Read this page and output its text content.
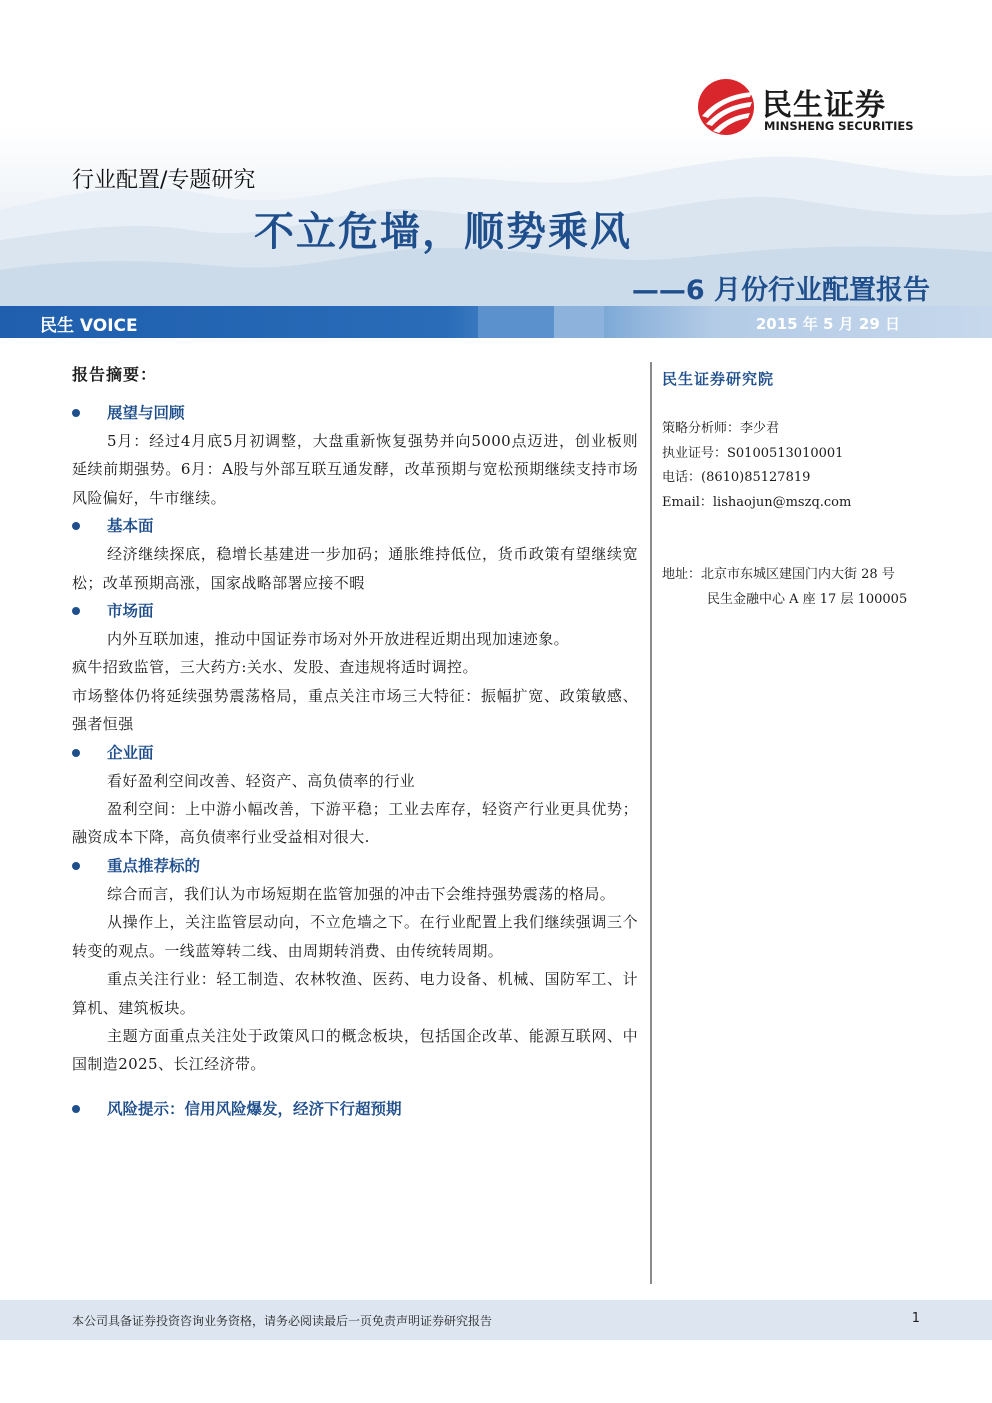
民生证券
MINSHENG SECURITIES
行业配置/专题研究
不立危墙，顺势乘风
——6 月份行业配置报告
民生 VOICE	2015 年 5 月 29 日
报告摘要：
展望与回顾

5月：经过4月底5月初调整，大盘重新恢复强势并向5000点迈进，创业板则延续前期强势。6月：A股与外部互联互通发酵，改革预期与宽松预期继续支持市场风险偏好，牛市继续。

基本面

经济继续探底，稳增长基建进一步加码；通胀维持低位，货币政策有望继续宽松；改革预期高涨，国家战略部署应接不暇

市场面

内外互联加速，推动中国证券市场对外开放进程近期出现加速迹象。

疯牛招致监管，三大药方:关水、发股、查违规将适时调控。

市场整体仍将延续强势震荡格局，重点关注市场三大特征：振幅扩宽、政策敏感、强者恒强

企业面

看好盈利空间改善、轻资产、高负债率的行业

盈利空间：上中游小幅改善，下游平稳；工业去库存，轻资产行业更具优势；融资成本下降，高负债率行业受益相对很大.

重点推荐标的

综合而言，我们认为市场短期在监管加强的冲击下会维持强势震荡的格局。

从操作上，关注监管层动向，不立危墙之下。在行业配置上我们继续强调三个转变的观点。一线蓝筹转二线、由周期转消费、由传统转周期。

重点关注行业：轻工制造、农林牧渔、医药、电力设备、机械、国防军工、计算机、建筑板块。

主题方面重点关注处于政策风口的概念板块，包括国企改革、能源互联网、中国制造2025、长江经济带。

风险提示：信用风险爆发，经济下行超预期
民生证券研究院
策略分析师：李少君
执业证号：S0100513010001
电话：(8610)85127819
Email：lishaojun@mszq.com
地址：北京市东城区建国门内大街 28 号
民生金融中心 A 座 17 层 100005
本公司具备证券投资咨询业务资格，请务必阅读最后一页免责声明证券研究报告	1
